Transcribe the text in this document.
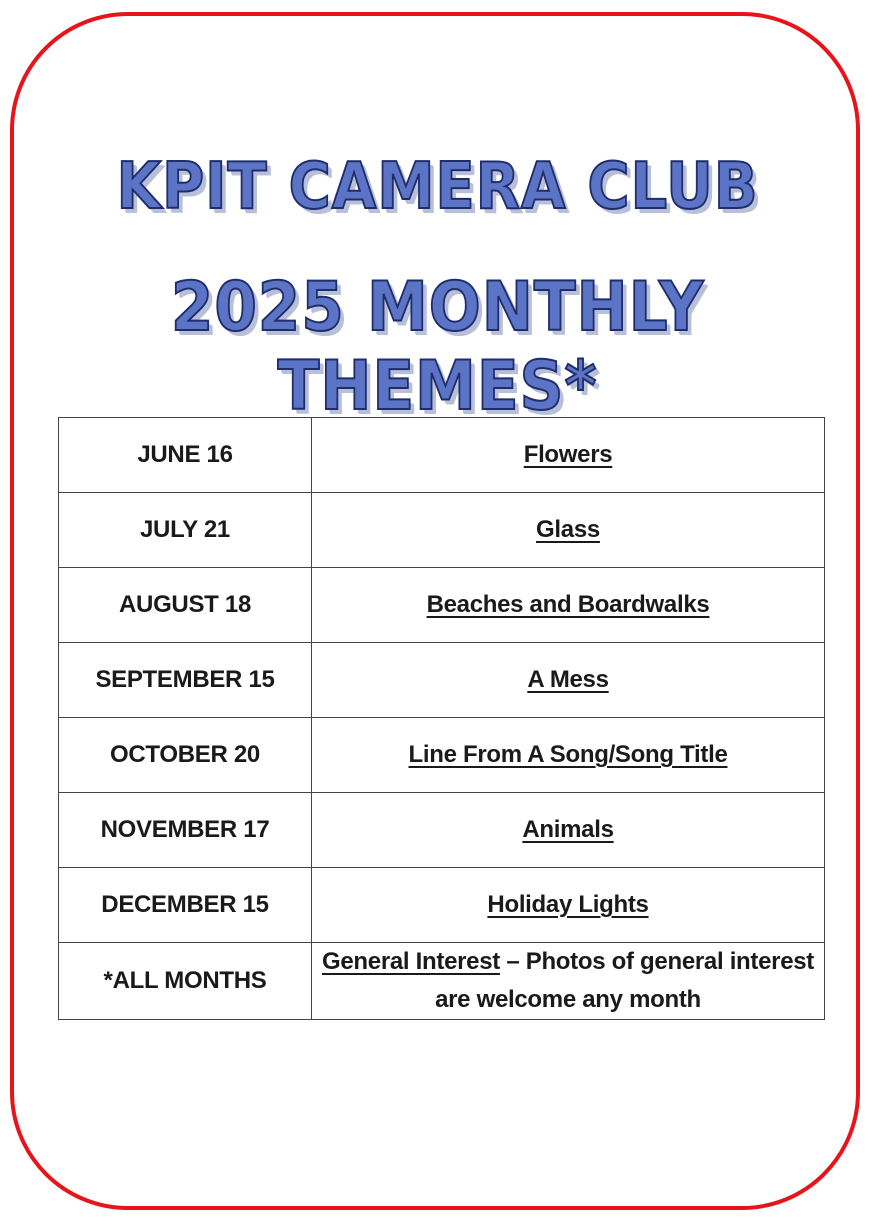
KPIT CAMERA CLUB
2025 MONTHLY THEMES*
JUNE 16	Flowers
JULY 21	Glass
AUGUST 18	Beaches and Boardwalks
SEPTEMBER 15	A Mess
OCTOBER 20	Line From A Song/Song Title
NOVEMBER 17	Animals
DECEMBER 15	Holiday Lights
*ALL MONTHS	General Interest – Photos of general interest
are welcome any month
